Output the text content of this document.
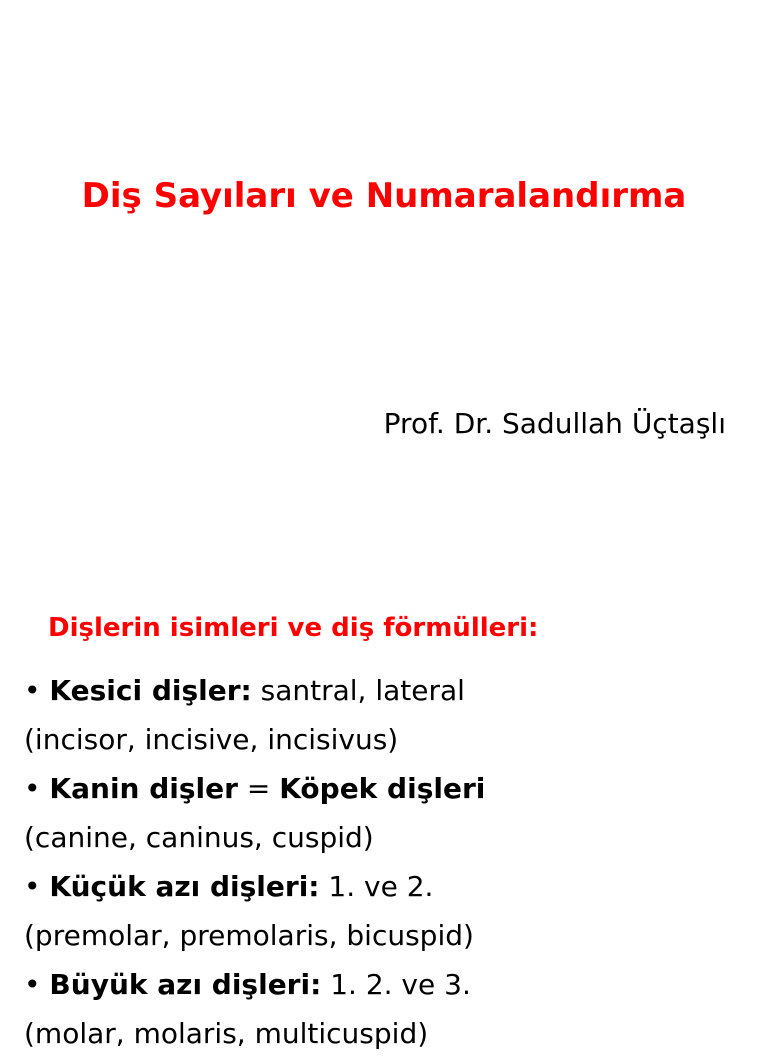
Diş Sayıları ve Numaralandırma

Prof. Dr. Sadullah Üçtaşlı

Dişlerin isimleri ve diş förmülleri:
• Kesici dişler: santral, lateral
(incisor, incisive, incisivus)
• Kanin dişler = Köpek dişleri
(canine, caninus, cuspid)
• Küçük azı dişleri: 1. ve 2.
(premolar, premolaris, bicuspid)
• Büyük azı dişleri: 1. 2. ve 3.
(molar, molaris, multicuspid)
